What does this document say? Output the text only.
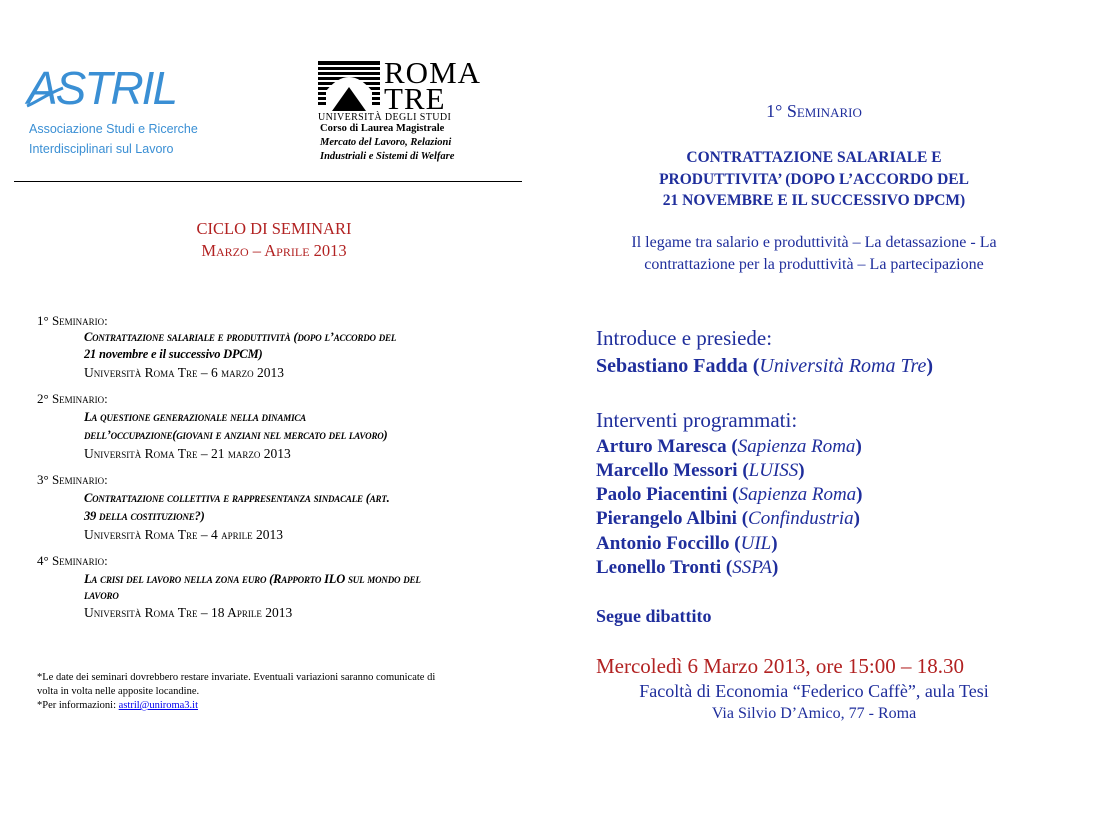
ASTRIL
Associazione Studi e Ricerche
Interdisciplinari sul Lavoro
ROMA
TRE
UNIVERSITÀ DEGLI STUDI
Corso di Laurea Magistrale
Mercato del Lavoro, Relazioni
Industriali e Sistemi di Welfare
CICLO DI SEMINARI
Marzo – Aprile 2013
1° Seminario:
Contrattazione salariale e produttività (dopo l’accordo del
21 novembre e il successivo DPCM)
Università Roma Tre – 6 marzo 2013
2° Seminario:
La questione generazionale nella dinamica
dell’occupazione(giovani e anziani nel mercato del lavoro)
Università Roma Tre – 21 marzo 2013
3° Seminario:
Contrattazione collettiva e rappresentanza sindacale (art.
39 della costituzione?)
Università Roma Tre – 4 aprile 2013
4° Seminario:
La crisi del lavoro nella zona euro (Rapporto ILO sul mondo del
lavoro
Università Roma Tre – 18 Aprile 2013
*Le date dei seminari dovrebbero restare invariate. Eventuali variazioni saranno comunicate di
volta in volta nelle apposite locandine.
*Per informazioni: astril@uniroma3.it
1° Seminario
CONTRATTAZIONE SALARIALE E
PRODUTTIVITA’ (DOPO L’ACCORDO DEL
21 NOVEMBRE E IL SUCCESSIVO DPCM)
Il legame tra salario e produttività – La detassazione - La
contrattazione per la produttività – La partecipazione
Introduce e presiede:
Sebastiano Fadda (Università Roma Tre)
Interventi programmati:
Arturo Maresca (Sapienza Roma)
Marcello Messori (LUISS)
Paolo Piacentini (Sapienza Roma)
Pierangelo Albini (Confindustria)
Antonio Foccillo (UIL)
Leonello Tronti (SSPA)
Segue dibattito
Mercoledì 6 Marzo 2013, ore 15:00 – 18.30
Facoltà di Economia “Federico Caffè”, aula Tesi
Via Silvio D’Amico, 77 - Roma
